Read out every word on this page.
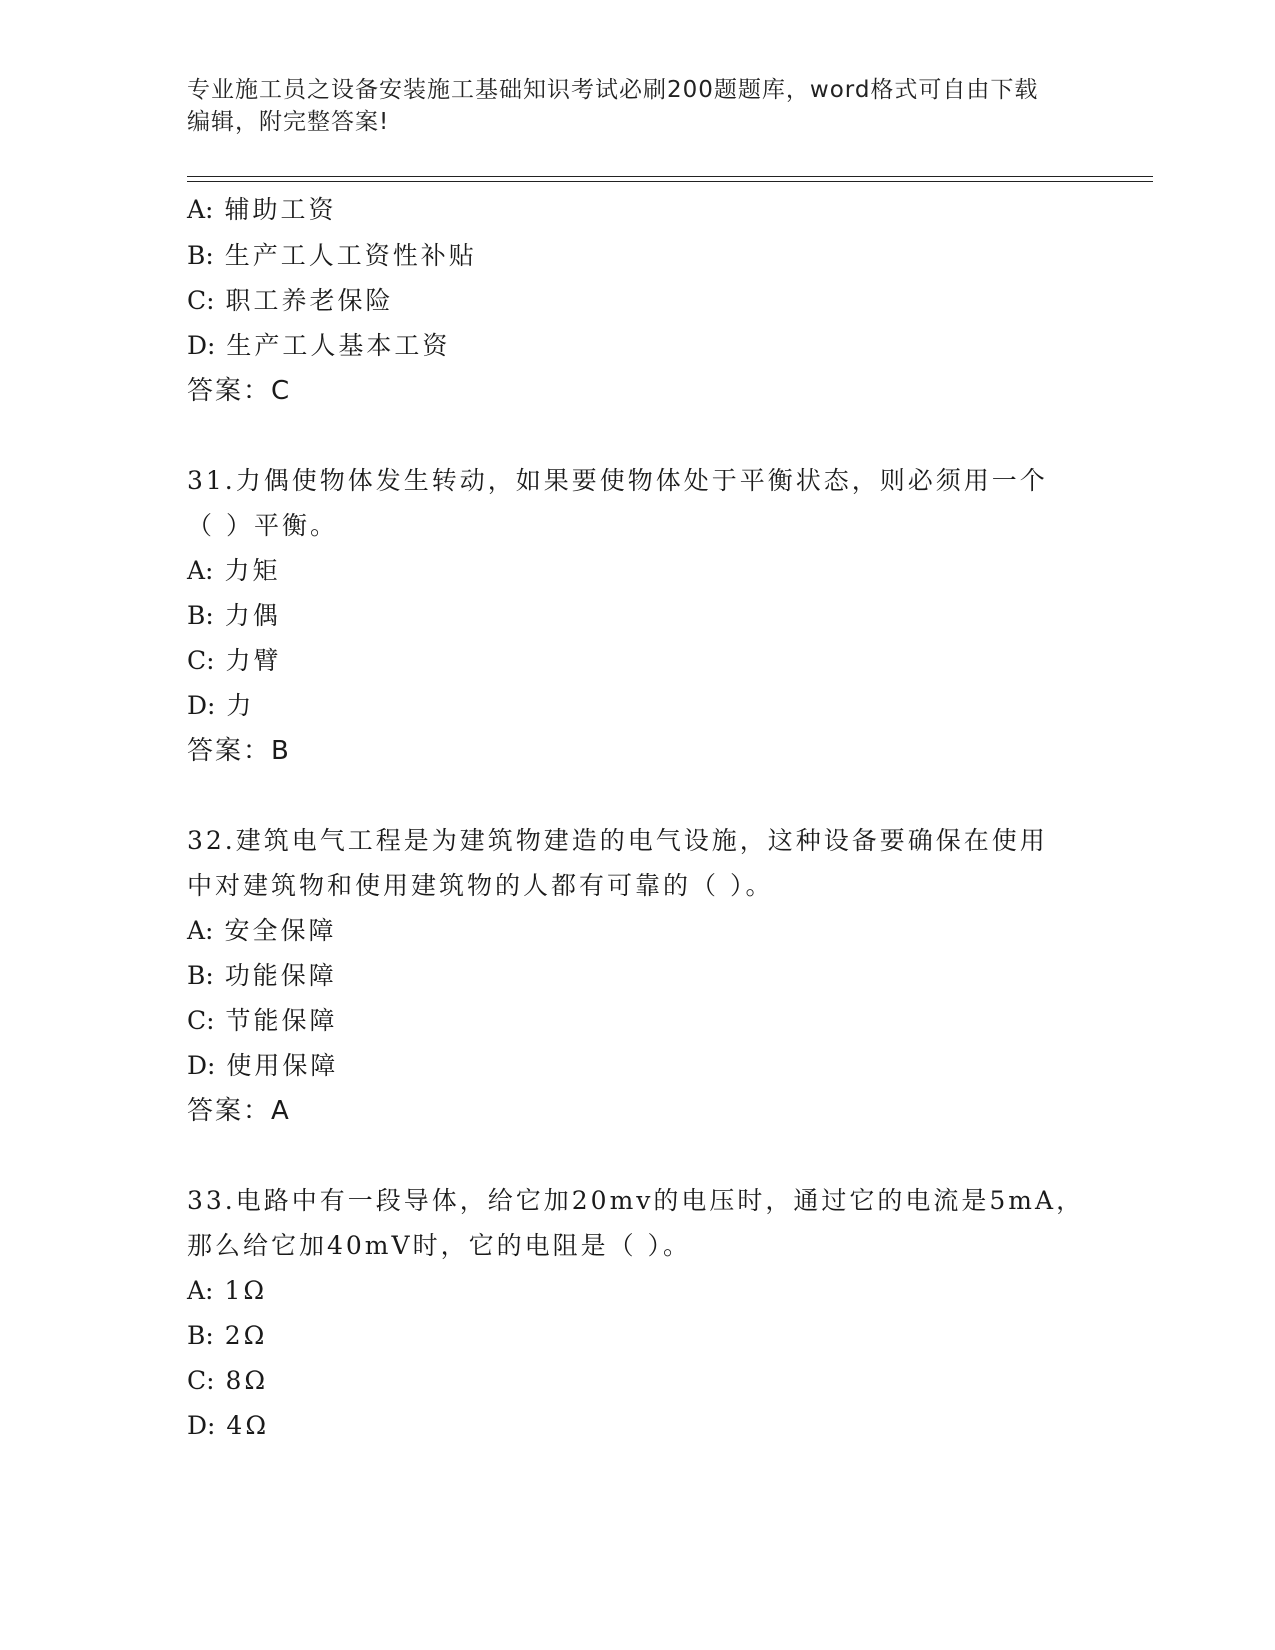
专业施工员之设备安装施工基础知识考试必刷200题题库，word格式可自由下载
编辑，附完整答案!
A: 辅助工资
B: 生产工人工资性补贴
C: 职工养老保险
D: 生产工人基本工资
答案：C
31.力偶使物体发生转动，如果要使物体处于平衡状态，则必须用一个
（ ）平衡。
A: 力矩
B: 力偶
C: 力臂
D: 力
答案：B
32.建筑电气工程是为建筑物建造的电气设施，这种设备要确保在使用
中对建筑物和使用建筑物的人都有可靠的（ ）。
A: 安全保障
B: 功能保障
C: 节能保障
D: 使用保障
答案：A
33.电路中有一段导体，给它加20mv的电压时，通过它的电流是5mA，
那么给它加40mV时，它的电阻是（ ）。
A: 1Ω
B: 2Ω
C: 8Ω
D: 4Ω
